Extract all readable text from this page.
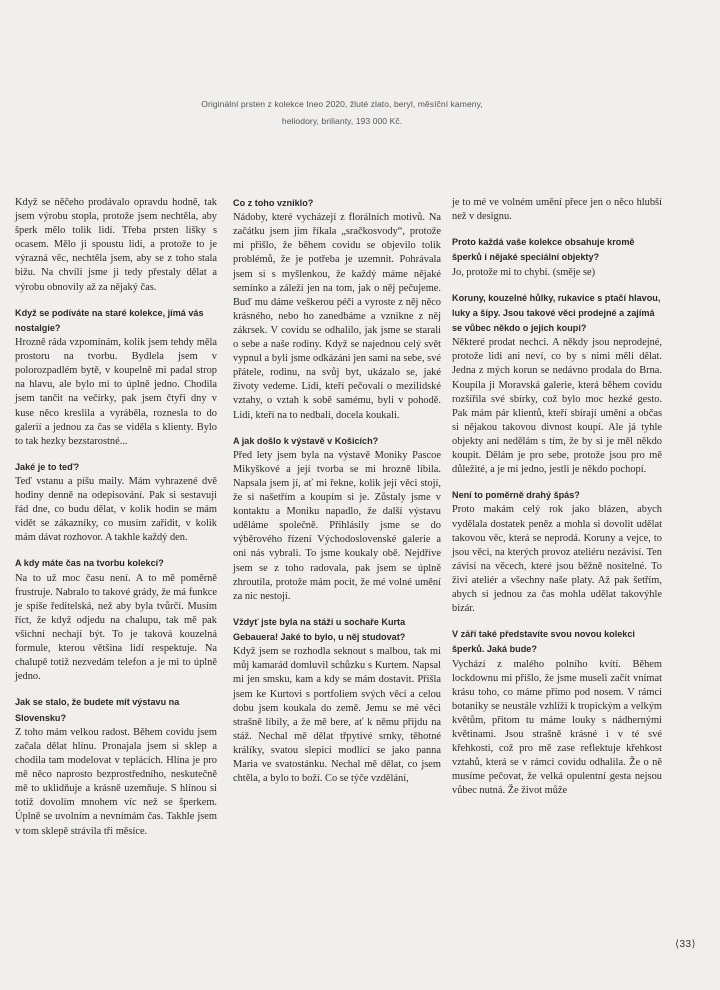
Originální prsten z kolekce Ineo 2020, žluté zlato, beryl, měsíční kameny,
heliodory, brilianty, 193 000 Kč.

Když se něčeho prodávalo opravdu hodně, tak jsem výrobu stopla, protože jsem nechtěla, aby šperk mělo tolik lidí. Třeba prsten lišky s ocasem. Mělo ji spoustu lidí, a protože to je výrazná věc, nechtěla jsem, aby se z toho stala bižu. Na chvíli jsme ji tedy přestaly dělat a výrobu obnovily až za nějaký čas.

Když se podíváte na staré kolekce, jímá vás nostalgie?

Hrozně ráda vzpomínám, kolik jsem tehdy měla prostoru na tvorbu. Bydlela jsem v polorozpadlém bytě, v koupelně mi padal strop na hlavu, ale bylo mi to úplně jedno. Chodila jsem tančit na večírky, pak jsem čtyři dny v kuse něco kreslila a vyráběla, roznesla to do galerií a jednou za čas se viděla s klienty. Bylo to tak hezky bezstarostné...

Jaké je to teď?

Teď vstanu a píšu maily. Mám vyhrazené dvě hodiny denně na odepisování. Pak si sestavuji řád dne, co budu dělat, v kolik hodin se mám vidět se zákazníky, co musím zařídit, v kolik mám dávat rozhovor. A takhle každý den.

A kdy máte čas na tvorbu kolekcí?

Na to už moc času není. A to mě poměrně frustruje. Nabralo to takové grády, že má funkce je spíše ředitelská, než aby byla tvůrčí. Musím říct, že když odjedu na chalupu, tak mě pak všichni nechají být. To je taková kouzelná formule, kterou většina lidí respektuje. Na chalupě totiž nezvedám telefon a je mi to úplně jedno.

Jak se stalo, že budete mít výstavu na Slovensku?

Z toho mám velkou radost. Během covidu jsem začala dělat hlínu. Pronajala jsem si sklep a chodila tam modelovat v teplácích. Hlína je pro mě něco naprosto bezprostředního, neskutečně mě to uklidňuje a krásně uzemňuje. S hlínou si totiž dovolím mnohem víc než se šperkem. Úplně se uvolním a nevnímám čas. Takhle jsem v tom sklepě strávila tři měsíce.

Co z toho vzniklo?

Nádoby, které vycházejí z florálních motivů. Na začátku jsem jim říkala „sračkosvody“, protože mi přišlo, že během covidu se objevilo tolik problémů, že je potřeba je uzemnit. Pohrávala jsem si s myšlenkou, že každý máme nějaké semínko a záleží jen na tom, jak o něj pečujeme. Buď mu dáme veškerou péči a vyroste z něj něco krásného, nebo ho zanedbáme a vznikne z něj zákrsek. V covidu se odhalilo, jak jsme se starali o sebe a naše rodiny. Když se najednou celý svět vypnul a byli jsme odkázáni jen sami na sebe, své přátele, rodinu, na svůj byt, ukázalo se, jaké životy vedeme. Lidi, kteří pečovali o mezilidské vztahy, o vztah k sobě samému, byli v pohodě. Lidi, kteří na to nedbali, docela koukali.

A jak došlo k výstavě v Košicích?

Před lety jsem byla na výstavě Moniky Pascoe Mikyškové a její tvorba se mi hrozně líbila. Napsala jsem jí, ať mi řekne, kolik její věci stojí, že si našetřím a koupím si je. Zůstaly jsme v kontaktu a Moniku napadlo, že další výstavu uděláme společně. Přihlásily jsme se do výběrového řízení Východoslovenské galerie a oni nás vybrali. To jsme koukaly obě. Nejdříve jsem se z toho radovala, pak jsem se úplně zhroutila, protože mám pocit, že mé volné umění za nic nestojí.

Vždyť jste byla na stáži u sochaře Kurta Gebauera! Jaké to bylo, u něj studovat?

Když jsem se rozhodla seknout s malbou, tak mi můj kamarád domluvil schůzku s Kurtem. Napsal mi jen smsku, kam a kdy se mám dostavit. Přišla jsem ke Kurtovi s portfoliem svých věcí a celou dobu jsem koukala do země. Jemu se mé věci strašně líbily, a že mě bere, ať k němu přijdu na stáž. Nechal mě dělat třpytivé srnky, těhotné králíky, svatou slepici modlící se jako panna Maria ve svatostánku. Nechal mě dělat, co jsem chtěla, a bylo to boží. Co se týče vzdělání,

je to mé ve volném umění přece jen o něco hlubší než v designu.

Proto každá vaše kolekce obsahuje kromě šperků i nějaké speciální objekty?

Jo, protože mi to chybí. (směje se)

Koruny, kouzelné hůlky, rukavice s ptačí hlavou, luky a šípy. Jsou takové věci prodejné a zajímá se vůbec někdo o jejich koupi?

Některé prodat nechci. A někdy jsou neprodejné, protože lidi ani neví, co by s nimi měli dělat. Jedna z mých korun se nedávno prodala do Brna. Koupila ji Moravská galerie, která během covidu rozšířila své sbírky, což bylo moc hezké gesto. Pak mám pár klientů, kteří sbírají umění a občas si nějakou takovou divnost koupí. Ale já tyhle objekty ani nedělám s tím, že by si je měl někdo koupit. Dělám je pro sebe, protože jsou pro mě důležité, a je mi jedno, jestli je někdo pochopí.

Není to poměrně drahý špás?

Proto makám celý rok jako blázen, abych vydělala dostatek peněz a mohla si dovolit udělat takovou věc, která se neprodá. Koruny a vejce, to jsou věci, na kterých provoz ateliéru nezávisí. Ten závisí na věcech, které jsou běžně nositelné. To živí ateliér a všechny naše platy. Až pak šetřím, abych si jednou za čas mohla udělat takovýhle bizár.

V září také představíte svou novou kolekci šperků. Jaká bude?

Vychází z malého polního kvítí. Během lockdownu mi přišlo, že jsme museli začít vnímat krásu toho, co máme přímo pod nosem. V rámci botaniky se neustále vzhlíží k tropickým a velkým květům, přitom tu máme louky s nádhernými květinami. Jsou strašně krásné i v té své křehkosti, což pro mě zase reflektuje křehkost vztahů, která se v rámci covidu odhalila. Že o ně musíme pečovat, že velká opulentní gesta nejsou vůbec nutná. Že život může

⟨33⟩
